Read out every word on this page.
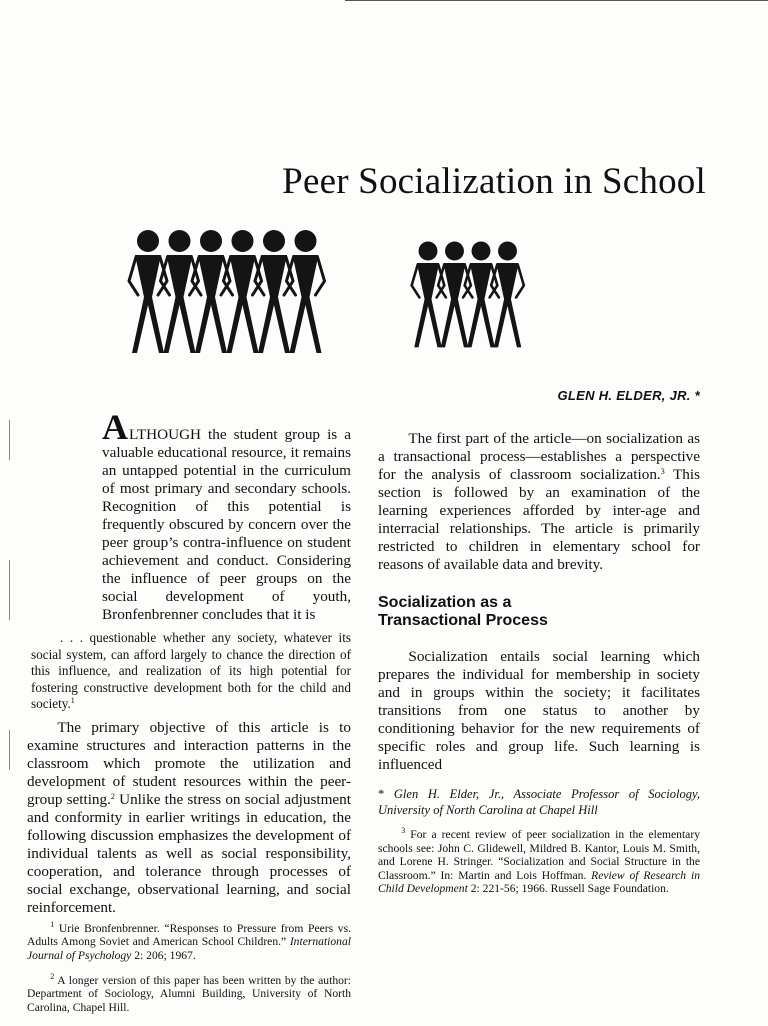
Peer Socialization in School
GLEN H. ELDER, JR. *

ALTHOUGH the student group is a valuable educational resource, it remains an untapped potential in the curriculum of most primary and secondary schools. Recognition of this potential is frequently obscured by concern over the peer group’s contra-influence on student achievement and conduct. Considering the influence of peer groups on the social development of youth, Bronfenbrenner concludes that it is

. . . questionable whether any society, whatever its social system, can afford largely to chance the direction of this influence, and realization of its high potential for fostering constructive development both for the child and society.$^1$

The primary objective of this article is to examine structures and interaction patterns in the classroom which promote the utilization and development of student resources within the peer-group setting.$^2$ Unlike the stress on social adjustment and conformity in earlier writings in education, the following discussion emphasizes the development of individual talents as well as social responsibility, cooperation, and tolerance through processes of social exchange, observational learning, and social reinforcement.

The first part of the article—on socialization as a transactional process—establishes a perspective for the analysis of classroom socialization.$^3$ This section is followed by an examination of the learning experiences afforded by inter-age and interracial relationships. The article is primarily restricted to children in elementary school for reasons of available data and brevity.

Socialization as a
Transactional Process

Socialization entails social learning which prepares the individual for membership in society and in groups within the society; it facilitates transitions from one status to another by conditioning behavior for the new requirements of specific roles and group life. Such learning is influenced

* Glen H. Elder, Jr., Associate Professor of Sociology, University of North Carolina at Chapel Hill

$^3$ For a recent review of peer socialization in the elementary schools see: John C. Glidewell, Mildred B. Kantor, Louis M. Smith, and Lorene H. Stringer. “Socialization and Social Structure in the Classroom.” In: Martin and Lois Hoffman. Review of Research in Child Development 2: 221-56; 1966. Russell Sage Foundation.

$^1$ Urie Bronfenbrenner. “Responses to Pressure from Peers vs. Adults Among Soviet and American School Children.” International Journal of Psychology 2: 206; 1967.

$^2$ A longer version of this paper has been written by the author: Department of Sociology, Alumni Building, University of North Carolina, Chapel Hill.
